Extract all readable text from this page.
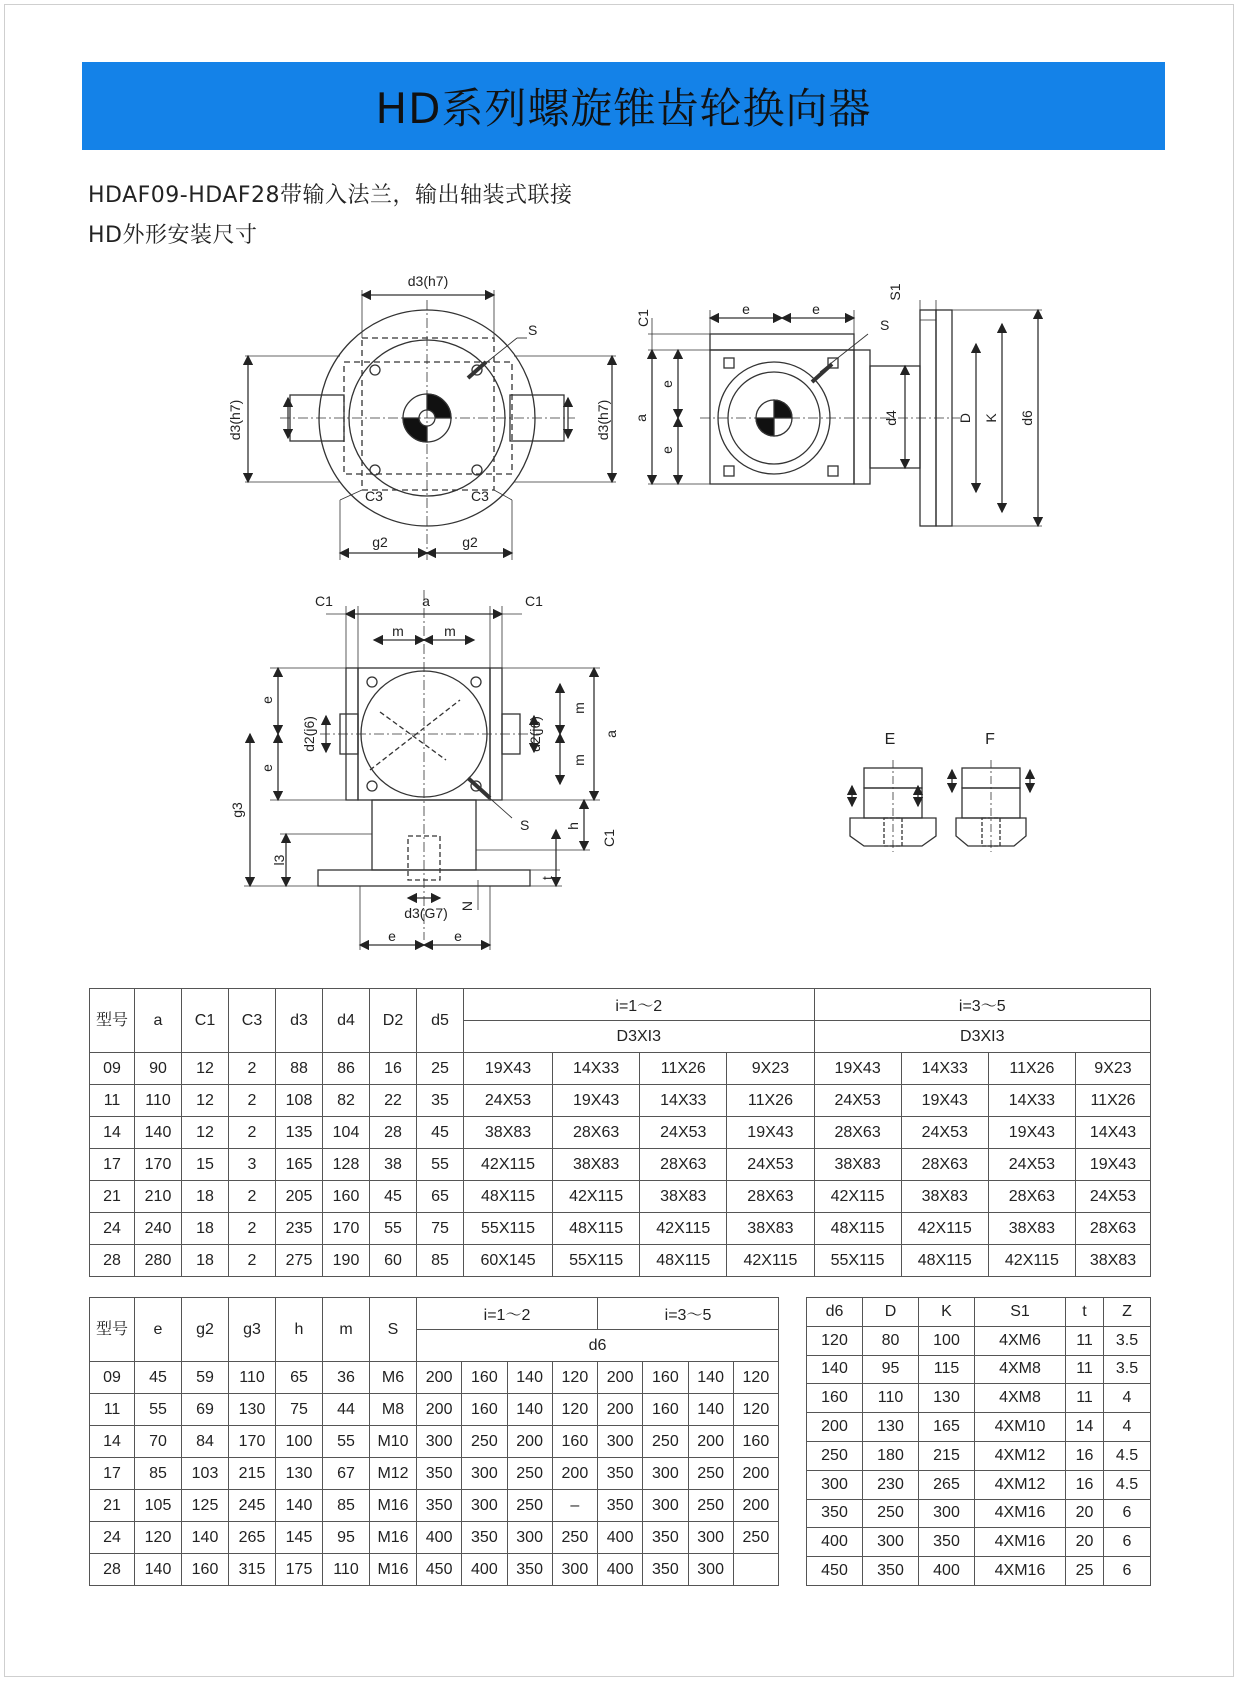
HD系列螺旋锥齿轮换向器
HDAF09-HDAF28带输入法兰，输出轴装式联接
HD外形安装尺寸
d3(h7)
S
d3(h7)	d3(h7)
C3	C3
g2	g2
e	e
C1
S1
S
a
e
e
d4	D K d6
C1	a	C1
m	m
e
e
d2(j6)	d2(j6)
m
m
a
g3
l3
S	h
C1
t
N
d3(G7)
e	e
E	F
型号	a	C1	C3	d3	d4	D2	d5	i=1～2				i=3～5			
								D3XI3				D3XI3			
09	90	12	2	88	86	16	25	19X43	14X33	11X26	9X23	19X43	14X33	11X26	9X23
11	110	12	2	108	82	22	35	24X53	19X43	14X33	11X26	24X53	19X43	14X33	11X26
14	140	12	2	135	104	28	45	38X83	28X63	24X53	19X43	28X63	24X53	19X43	14X43
17	170	15	3	165	128	38	55	42X115	38X83	28X63	24X53	38X83	28X63	24X53	19X43
21	210	18	2	205	160	45	65	48X115	42X115	38X83	28X63	42X115	38X83	28X63	24X53
24	240	18	2	235	170	55	75	55X115	48X115	42X115	38X83	48X115	42X115	38X83	28X63
28	280	18	2	275	190	60	85	60X145	55X115	48X115	42X115	55X115	48X115	42X115	38X83
型号	e	g2	g3	h	m	S	i=1～2				i=3～5			
							d6							
09	45	59	110	65	36	M6	200	160	140	120	200	160	140	120
11	55	69	130	75	44	M8	200	160	140	120	200	160	140	120
14	70	84	170	100	55	M10	300	250	200	160	300	250	200	160
17	85	103	215	130	67	M12	350	300	250	200	350	300	250	200
21	105	125	245	140	85	M16	350	300	250	–	350	300	250	200
24	120	140	265	145	95	M16	400	350	300	250	400	350	300	250
28	140	160	315	175	110	M16	450	400	350	300	400	350	300	
d6	D	K	S1	t	Z
120	80	100	4XM6	11	3.5
140	95	115	4XM8	11	3.5
160	110	130	4XM8	11	4
200	130	165	4XM10	14	4
250	180	215	4XM12	16	4.5
300	230	265	4XM12	16	4.5
350	250	300	4XM16	20	6
400	300	350	4XM16	20	6
450	350	400	4XM16	25	6
